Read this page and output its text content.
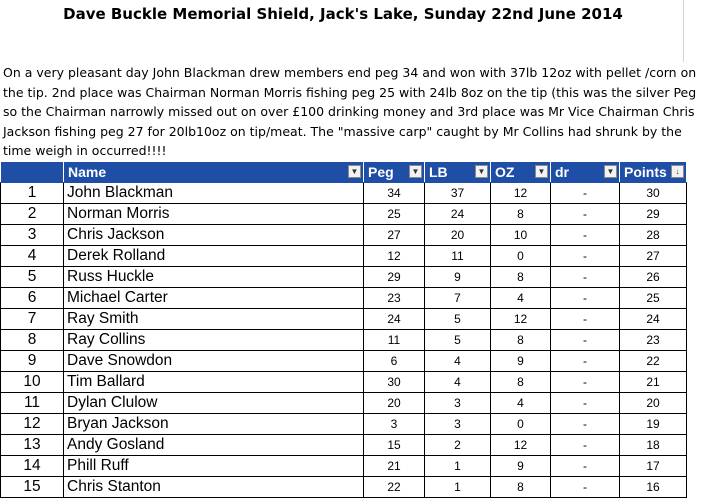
Dave Buckle Memorial Shield, Jack's Lake, Sunday 22nd June 2014
On a very pleasant day John Blackman drew members end peg 34 and won with 37lb 12oz with pellet /corn on
the tip. 2nd place was Chairman Norman Morris fishing peg 25 with 24lb 8oz on the tip (this was the silver Peg
so the Chairman narrowly missed out on over £100 drinking money and 3rd place was Mr Vice Chairman Chris
Jackson fishing peg 27 for 20lb10oz on tip/meat. The "massive carp" caught by Mr Collins had shrunk by the
time weigh in occurred!!!!
	Name ▼	Peg ▼	LB ▼	OZ ▼	dr ▼	Points ↓

1	John Blackman	34	37	12	-	30
2	Norman Morris	25	24	8	-	29
3	Chris Jackson	27	20	10	-	28
4	Derek Rolland	12	11	0	-	27
5	Russ Huckle	29	9	8	-	26
6	Michael Carter	23	7	4	-	25
7	Ray Smith	24	5	12	-	24
8	Ray Collins	11	5	8	-	23
9	Dave Snowdon	6	4	9	-	22
10	Tim Ballard	30	4	8	-	21
11	Dylan Clulow	20	3	4	-	20
12	Bryan Jackson	3	3	0	-	19
13	Andy Gosland	15	2	12	-	18
14	Phill Ruff	21	1	9	-	17
15	Chris Stanton	22	1	8	-	16
